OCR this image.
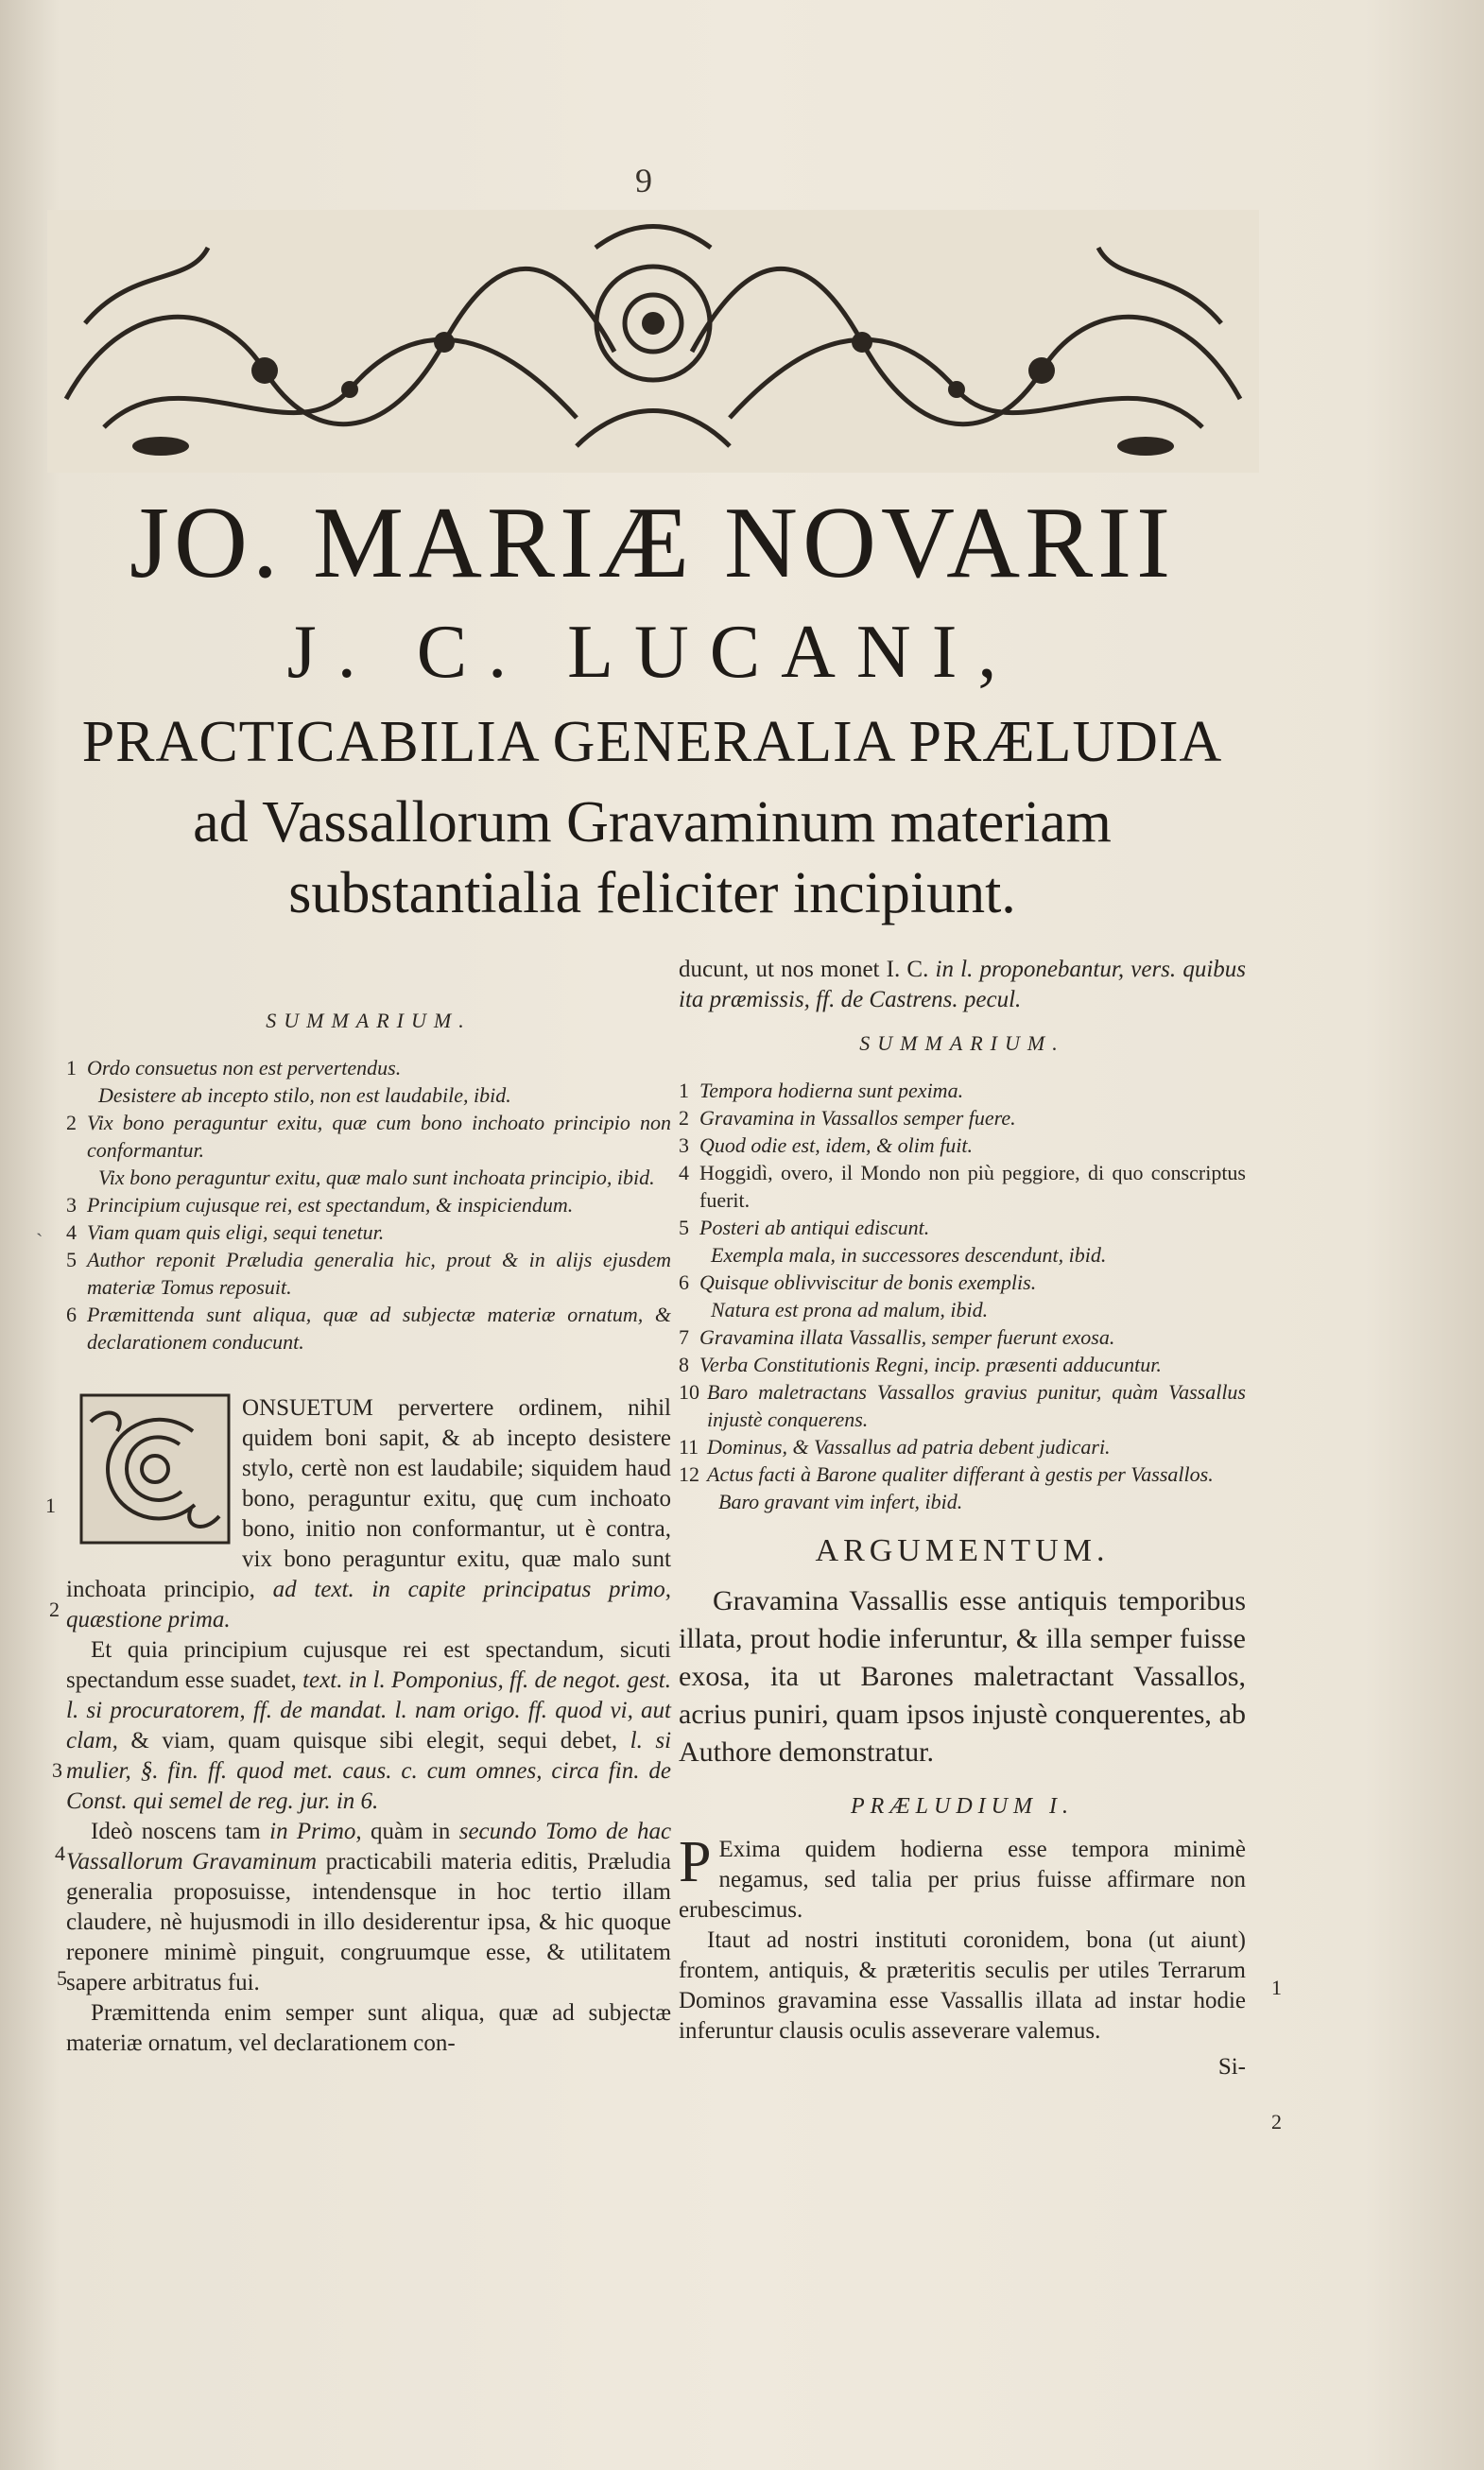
9
JO. MARIÆ NOVARII
J. C. LUCANI,
PRACTICABILIA GENERALIA PRÆLUDIA
ad Vassallorum Gravaminum materiam
substantialia feliciter incipiunt.
SUMMARIUM.
1 Ordo consuetus non est pervertendus.
Desistere ab incepto stilo, non est laudabile, ibid.
2 Vix bono peraguntur exitu, quæ cum bono inchoato principio non conformantur.
Vix bono peraguntur exitu, quæ malo sunt inchoata principio, ibid.
3 Principium cujusque rei, est spectandum, & inspiciendum.
4 Viam quam quis eligi, sequi tenetur.
5 Author reponit Præludia generalia hic, prout & in alijs ejusdem materiæ Tomus reposuit.
6 Præmittenda sunt aliqua, quæ ad subjectæ materiæ ornatum, & declarationem conducunt.

ONSUETUM pervertere ordinem, nihil quidem boni sapit, & ab incepto desistere stylo, certè non est laudabile; siquidem haud bono, peraguntur exitu, quę cum inchoato bono, initio non conformantur, ut è contra, vix bono peraguntur exitu, quæ malo sunt inchoata principio, ad text. in capite principatus primo, quæstione prima.

Et quia principium cujusque rei est spectandum, sicuti spectandum esse suadet, text. in l. Pomponius, ff. de negot. gest. l. si procuratorem, ff. de mandat. l. nam origo. ff. quod vi, aut clam, & viam, quam quisque sibi elegit, sequi debet, l. si mulier, §. fin. ff. quod met. caus. c. cum omnes, circa fin. de Const. qui semel de reg. jur. in 6.

Ideò noscens tam in Primo, quàm in secundo Tomo de hac Vassallorum Gravaminum practicabili materia editis, Præludia generalia proposuisse, intendensque in hoc tertio illam claudere, nè hujusmodi in illo desiderentur ipsa, & hic quoque reponere minimè pinguit, congruumque esse, & utilitatem sapere arbitratus fui.

Præmittenda enim semper sunt aliqua, quæ ad subjectæ materiæ ornatum, vel declarationem con-

1
2
3
4
5

ducunt, ut nos monet I. C. in l. proponebantur, vers. quibus ita præmissis, ff. de Castrens. pecul.

SUMMARIUM.
1 Tempora hodierna sunt pexima.
2 Gravamina in Vassallos semper fuere.
3 Quod odie est, idem, & olim fuit.
4 Hoggidì, overo, il Mondo non più peggiore, di quo conscriptus fuerit.
5 Posteri ab antiqui ediscunt.
Exempla mala, in successores descendunt, ibid.
6 Quisque oblivviscitur de bonis exemplis.
Natura est prona ad malum, ibid.
7 Gravamina illata Vassallis, semper fuerunt exosa.
8 Verba Constitutionis Regni, incip. præsenti adducuntur.
10 Baro maletractans Vassallos gravius punitur, quàm Vassallus injustè conquerens.
11 Dominus, & Vassallus ad patria debent judicari.
12 Actus facti à Barone qualiter differant à gestis per Vassallos.
Baro gravant vim infert, ibid.
ARGUMENTUM.

Gravamina Vassallis esse antiquis temporibus illata, prout hodie inferuntur, & illa semper fuisse exosa, ita ut Barones maletractant Vassallos, acrius puniri, quam ipsos injustè conquerentes, ab Authore demonstratur.

PRÆLUDIUM I.

P Exima quidem hodierna esse tempora minimè negamus, sed talia per prius fuisse affirmare non erubescimus.

Itaut ad nostri instituti coronidem, bona (ut aiunt) frontem, antiquis, & præteritis seculis per utiles Terrarum Dominos gravamina esse Vassallis illata ad instar hodie inferuntur clausis oculis asseverare valemus.

Si-
1
2
`
